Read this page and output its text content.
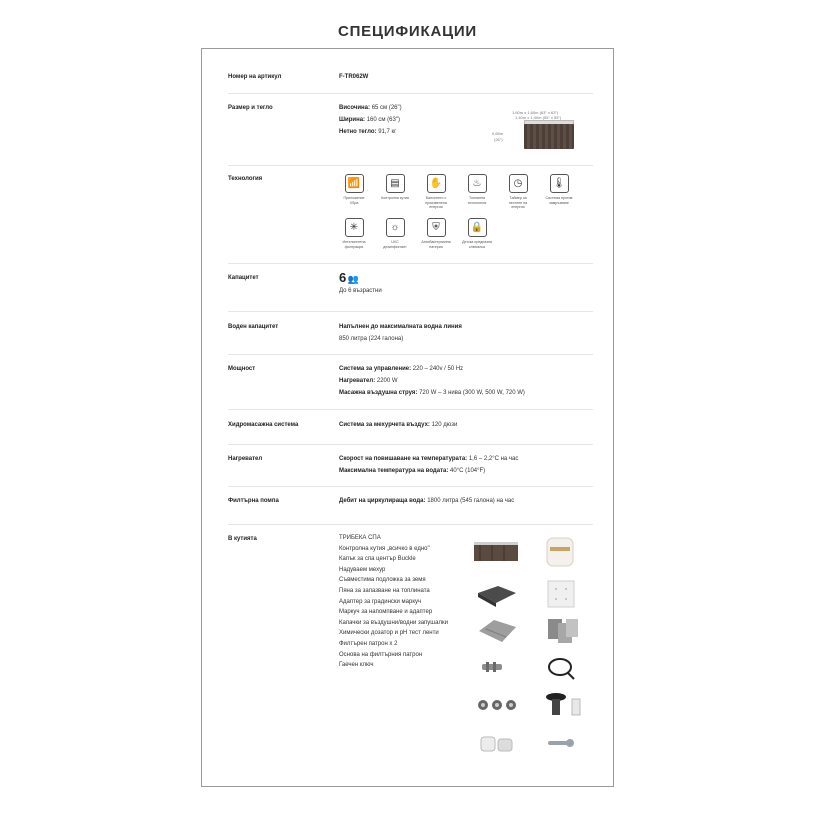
СПЕЦИФИКАЦИИ
Номер на артикул	F-TR062W
Размер и тегло	Височина: 65 см (26")
Ширина: 160 см (63")
Нетно тегло: 91,7 кг
1,60m x 1,60m (63" x 63")
1,40m x 1,40m (55" x 55")
0,65m
(26")
Технология	📶
Приложение
XSpa
▤
Контролна кутия
✋
Балсенето с
произвелена
енергия
♨
Топлинна
технология
◷
Таймер за
пестене на
енергия
🌡
Система против
замръзване
✳
Интелигентна
филтрация
☼
UVC
дезинфектант
⛨
Антибактериална
натерия
🔒
Детска предпазна
ключалка
Капацитет	6 👥
До 6 възрастни
Воден капацитет	Напълнен до максималната водна линия
850 литра (224 галона)
Мощност	Система за управление: 220 – 240v / 50 Hz
Нагревател: 2200 W
Масажна въздушна струя: 720 W – 3 нива (300 W, 500 W, 720 W)
Хидромасажна система	Система за мехурчета въздух: 120 дюзи
Нагревател	Скорост на повишаване на температурата: 1,6 – 2,2°C на час
Максимална температура на водата: 40°C (104°F)
Филтърна помпа	Дебит на циркулираща вода: 1800 литра (545 галона) на час
В кутията	ТРИБЕКА СПА
Контролна кутия „всичко в едно"
Капък за спа център Buckle
Надуваем мехур
Съвместима подложка за земя
Пяна за запазване на топлината
Адаптер за градински маркуч
Маркуч за напомпване и адаптер
Капачки за въздушни/водни запушалки
Химически дозатор и pH тест ленти
Филтърен патрон x 2
Основа на филтърния патрон
Гаечен ключ
